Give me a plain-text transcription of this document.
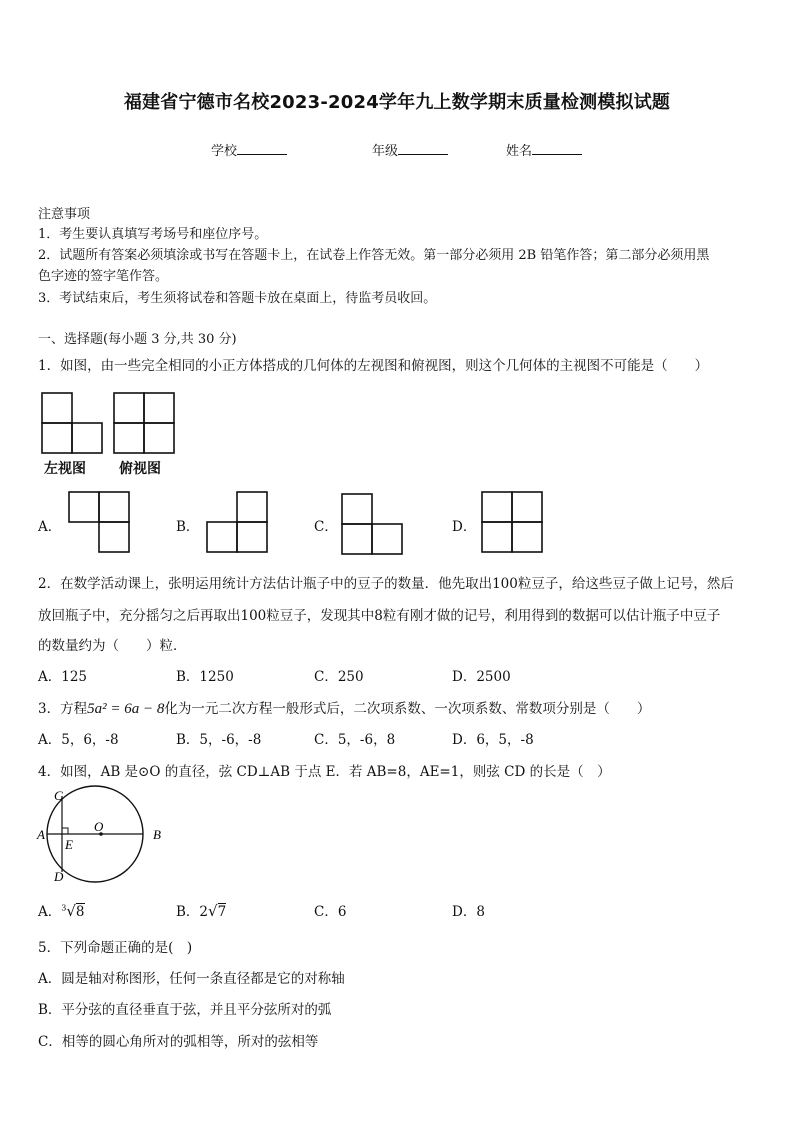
福建省宁德市名校2023-2024学年九上数学期末质量检测模拟试题
学校	年级	姓名
注意事项
1．考生要认真填写考场号和座位序号。
2．试题所有答案必须填涂或书写在答题卡上，在试卷上作答无效。第一部分必须用 2B 铅笔作答；第二部分必须用黑
色字迹的签字笔作答。
3．考试结束后，考生须将试卷和答题卡放在桌面上，待监考员收回。
一、选择题(每小题 3 分,共 30 分)
1．如图，由一些完全相同的小正方体搭成的几何体的左视图和俯视图，则这个几何体的主视图不可能是（　　）
左视图 俯视图
A．	B．	C．	D．
2．在数学活动课上，张明运用统计方法估计瓶子中的豆子的数量．他先取出100粒豆子，给这些豆子做上记号，然后
放回瓶子中，充分摇匀之后再取出100粒豆子，发现其中8粒有刚才做的记号，利用得到的数据可以估计瓶子中豆子
的数量约为（　　）粒．
A．125	B．1250	C．250	D．2500
3．方程5a² = 6a − 8化为一元二次方程一般形式后，二次项系数、一次项系数、常数项分别是（　　）
A．5，6，-8	B．5，-6，-8	C．5，-6，8	D．6，5，-8
4．如图，AB 是⊙O 的直径，弦 CD⊥AB 于点 E．若 AB=8，AE=1，则弦 CD 的长是（　）
C
O
A	B
E
D
A．$^3$√8	B．2√7	C．6	D．8
5．下列命题正确的是(　)
A．圆是轴对称图形，任何一条直径都是它的对称轴
B．平分弦的直径垂直于弦，并且平分弦所对的弧
C．相等的圆心角所对的弧相等，所对的弦相等
